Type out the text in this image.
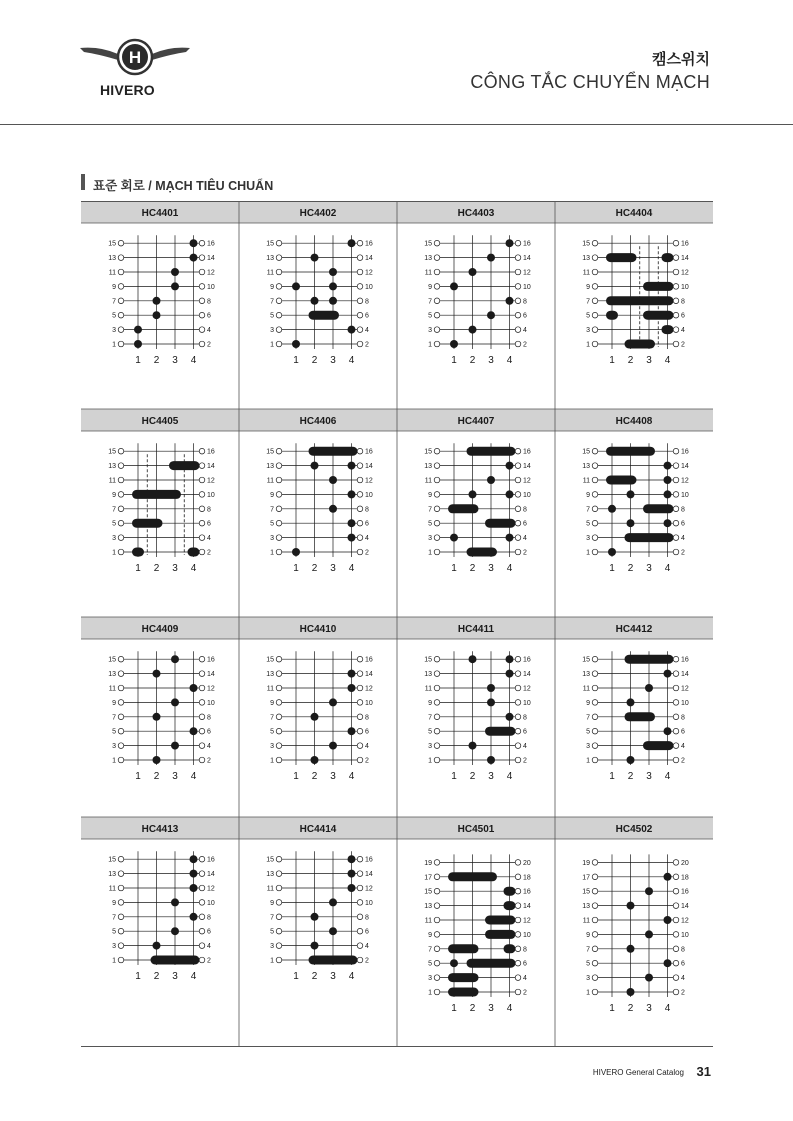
H
HIVERO
캠스위치
CÔNG TẮC CHUYỂN MẠCH
표준 회로 / MẠCH TIÊU CHUẨN
HC4401
15	16
13	14
11	12
9	10
7	8
5	6
3	4
1	2
1 2 3 4
HC4402
15	16
13	14
11	12
9	10
7	8
5	6
3	4
1	2
1 2 3 4
HC4403
15	16
13	14
11	12
9	10
7	8
5	6
3	4
1	2
1 2 3 4
HC4404
15	16
13	14
11	12
9	10
7	8
5	6
3	4
1	2
1 2 3 4
HC4405
15	16
13	14
11	12
9	10
7	8
5	6
3	4
1	2
1 2 3 4
HC4406
15	16
13	14
11	12
9	10
7	8
5	6
3	4
1	2
1 2 3 4
HC4407
15	16
13	14
11	12
9	10
7	8
5	6
3	4
1	2
1 2 3 4
HC4408
15	16
13	14
11	12
9	10
7	8
5	6
3	4
1	2
1 2 3 4
HC4409
15	16
13	14
11	12
9	10
7	8
5	6
3	4
1	2
1 2 3 4
HC4410
15	16
13	14
11	12
9	10
7	8
5	6
3	4
1	2
1 2 3 4
HC4411
15	16
13	14
11	12
9	10
7	8
5	6
3	4
1	2
1 2 3 4
HC4412
15	16
13	14
11	12
9	10
7	8
5	6
3	4
1	2
1 2 3 4
HC4413
15	16
13	14
11	12
9	10
7	8
5	6
3	4
1	2
1 2 3 4
HC4414
15	16
13	14
11	12
9	10
7	8
5	6
3	4
1	2
1 2 3 4
HC4501
19	20
17	18
15	16
13	14
11	12
9	10
7	8
5	6
3	4
1	2
1 2 3 4
HC4502
19	20
17	18
15	16
13	14
11	12
9	10
7	8
5	6
3	4
1	2
1 2 3 4
HIVERO General Catalog 31
